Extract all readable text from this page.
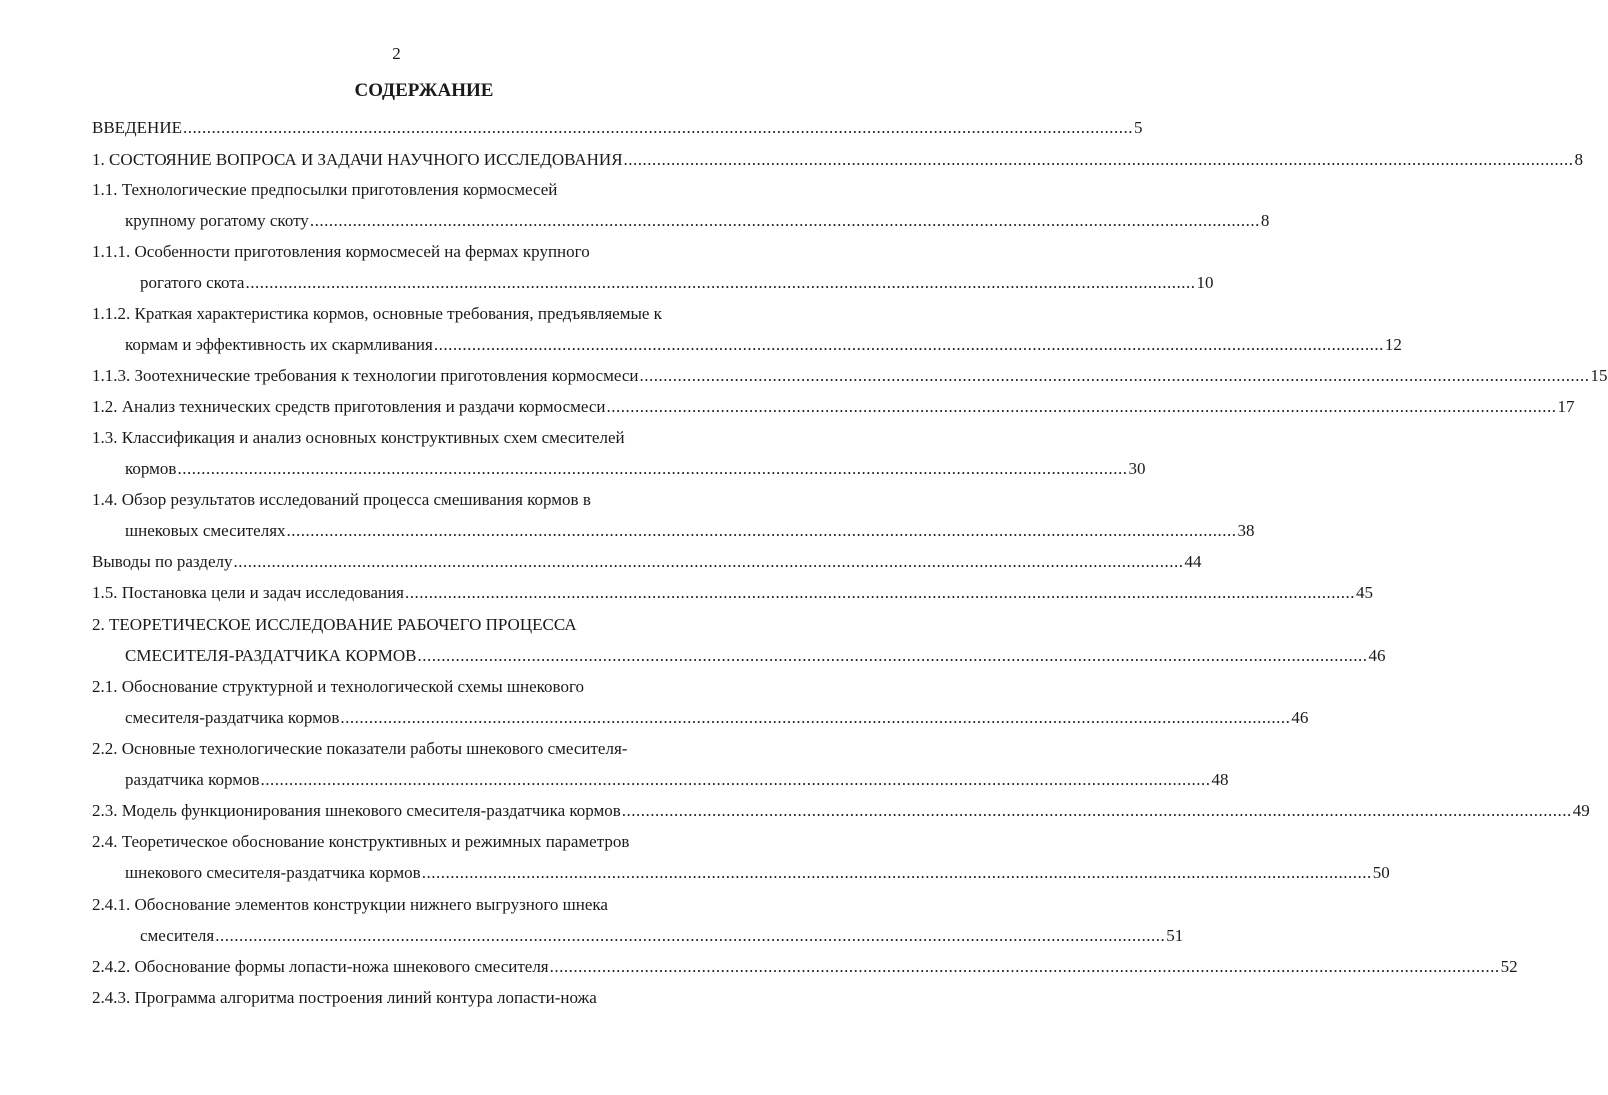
2
СОДЕРЖАНИЕ
ВВЕДЕНИЕ ........................................................................................................................................................................................................ 5
1. СОСТОЯНИЕ ВОПРОСА И ЗАДАЧИ НАУЧНОГО ИССЛЕДОВАНИЯ ........................................................................................................................................................................................................ 8
1.1. Технологические предпосылки приготовления кормосмесей
крупному рогатому скоту ........................................................................................................................................................................................................ 8
1.1.1. Особенности приготовления кормосмесей на фермах крупного
рогатого скота ........................................................................................................................................................................................................ 10
1.1.2. Краткая характеристика кормов, основные требования, предъявляемые к
кормам и эффективность их скармливания ........................................................................................................................................................................................................ 12
1.1.3. Зоотехнические требования к технологии приготовления кормосмеси ........................................................................................................................................................................................................ 15
1.2. Анализ технических средств приготовления и раздачи кормосмеси ........................................................................................................................................................................................................ 17
1.3. Классификация и анализ основных конструктивных схем смесителей
кормов ........................................................................................................................................................................................................ 30
1.4. Обзор результатов исследований процесса смешивания кормов в
шнековых смесителях ........................................................................................................................................................................................................ 38
Выводы по разделу ........................................................................................................................................................................................................ 44
1.5. Постановка цели и задач исследования ........................................................................................................................................................................................................ 45
2. ТЕОРЕТИЧЕСКОЕ ИССЛЕДОВАНИЕ РАБОЧЕГО ПРОЦЕССА
СМЕСИТЕЛЯ-РАЗДАТЧИКА КОРМОВ ........................................................................................................................................................................................................ 46
2.1. Обоснование структурной и технологической схемы шнекового
смесителя-раздатчика кормов ........................................................................................................................................................................................................ 46
2.2. Основные технологические показатели работы шнекового смесителя-
раздатчика кормов ........................................................................................................................................................................................................ 48
2.3. Модель функционирования шнекового смесителя-раздатчика кормов ........................................................................................................................................................................................................ 49
2.4. Теоретическое обоснование конструктивных и режимных параметров
шнекового смесителя-раздатчика кормов ........................................................................................................................................................................................................ 50
2.4.1. Обоснование элементов конструкции нижнего выгрузного шнека
смесителя ........................................................................................................................................................................................................ 51
2.4.2. Обоснование формы лопасти-ножа шнекового смесителя ........................................................................................................................................................................................................ 52
2.4.3. Программа алгоритма построения линий контура лопасти-ножа
